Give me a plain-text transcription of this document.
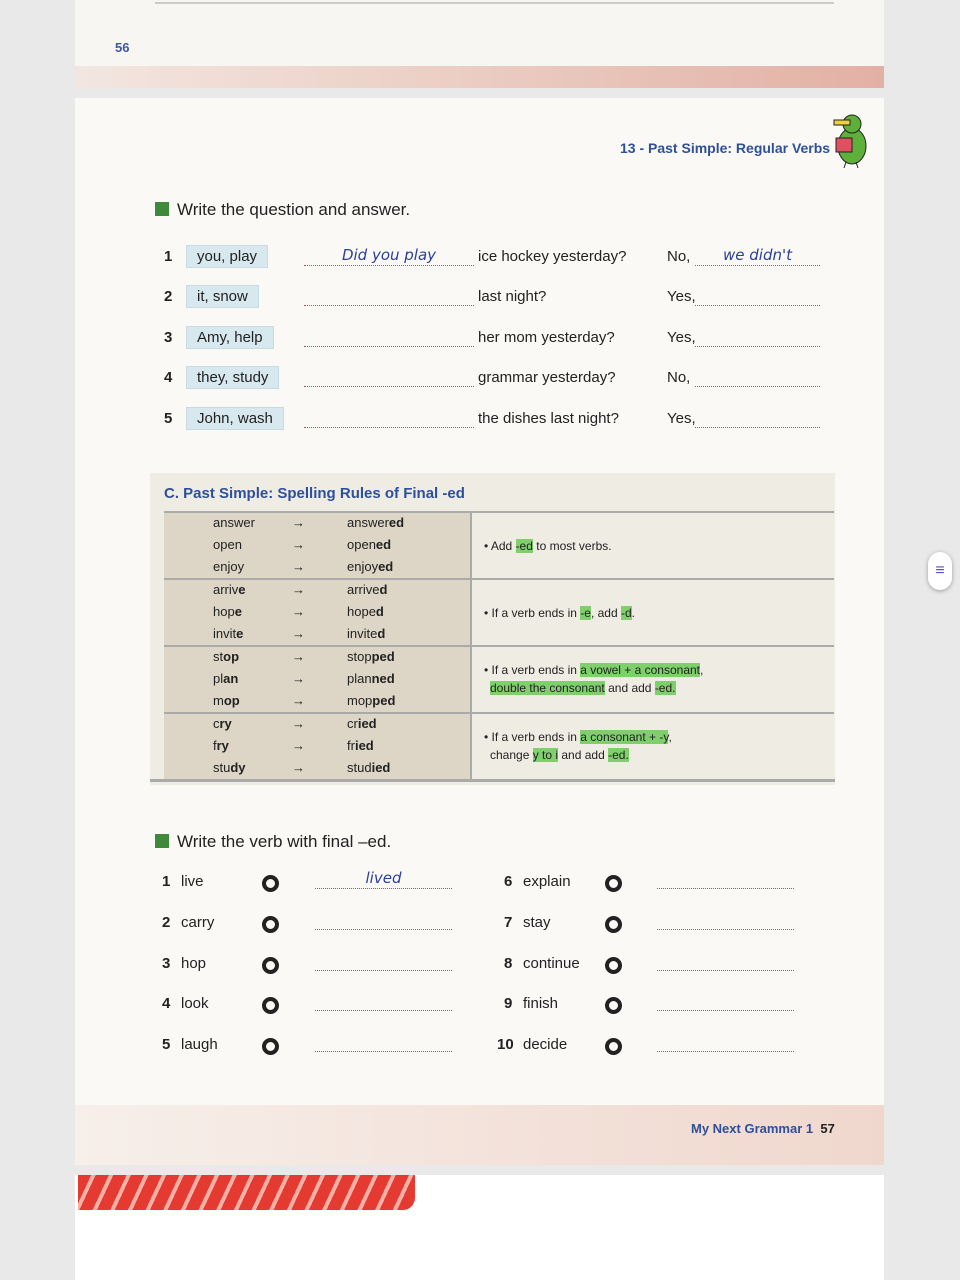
56
13 - Past Simple: Regular Verbs
Write the question and answer.
1	you, play	Did you play	ice hockey yesterday?	No,	we didn't
2	it, snow	last night?	Yes,
3	Amy, help	her mom yesterday?	Yes,
4	they, study	grammar yesterday?	No,
5	John, wash	the dishes last night?	Yes,
C. Past Simple: Spelling Rules of Final -ed
answer	→	answered
open	→	opened
enjoy	→	enjoyed
• Add -ed to most verbs.
arrive	→	arrived
hope	→	hoped
invite	→	invited
• If a verb ends in -e, add -d.
stop	→	stopped
plan	→	planned
mop	→	mopped
• If a verb ends in a vowel + a consonant,
double the consonant and add -ed.
cry	→	cried
fry	→	fried
study	→	studied
• If a verb ends in a consonant + -y,
change y to i and add -ed.
Write the verb with final –ed.
1 live	lived
2 carry
3 hop
4 look
5 laugh
6 explain
7 stay
8 continue
9 finish
10 decide
My Next Grammar 1 57
≡
